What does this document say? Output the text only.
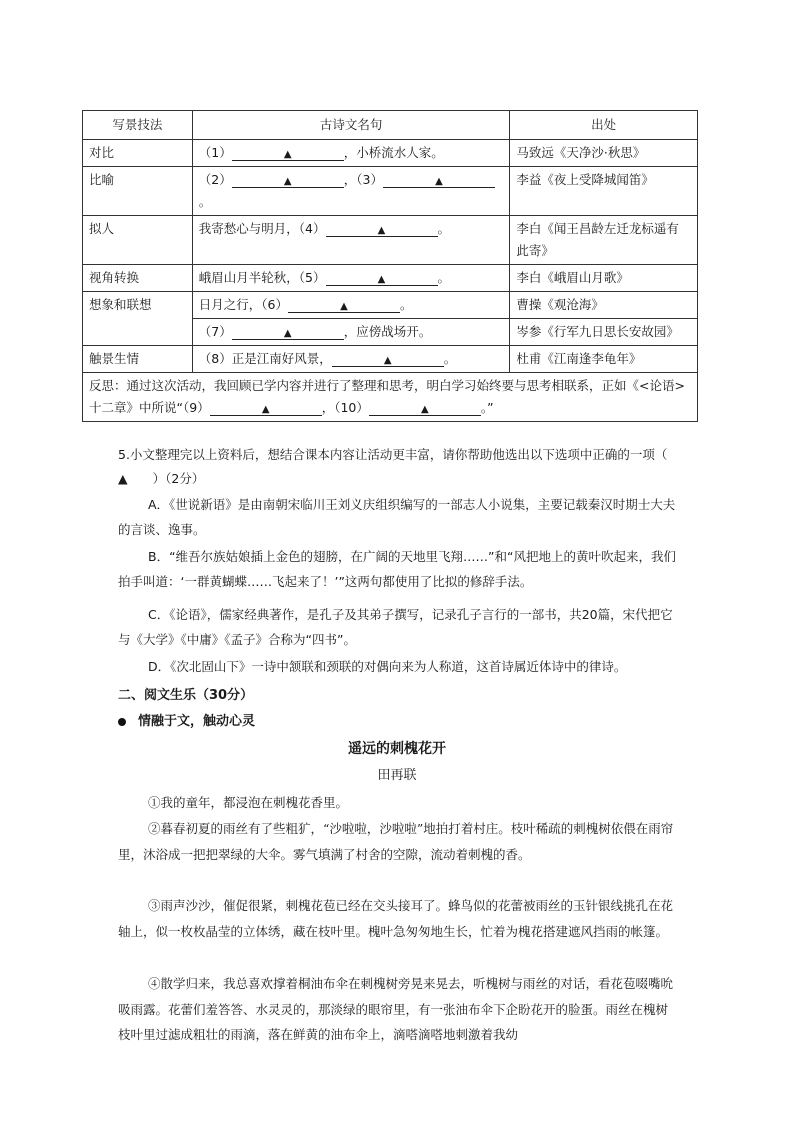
写景技法	古诗文名句	出处
对比	（1） ▲ ，小桥流水人家。	马致远《天净沙·秋思》
比喻	（2） ▲ ，（3） ▲。	李益《夜上受降城闻笛》
拟人	我寄愁心与明月，（4） ▲ 。	李白《闻王昌龄左迁龙标遥有此寄》
视角转换	峨眉山月半轮秋，（5） ▲ 。	李白《峨眉山月歌》
想象和联想	日月之行，（6） ▲ 。	曹操《观沧海》
	（7） ▲ ，应傍战场开。	岑参《行军九日思长安故园》
触景生情	（8）正是江南好风景， ▲ 。	杜甫《江南逢李龟年》
反思：通过这次活动，我回顾已学内容并进行了整理和思考，明白学习始终要与思考相联系，正如《<论语>十二章》中所说“（9） ▲ ，（10） ▲ 。”		
5.小文整理完以上资料后，想结合课本内容让活动更丰富，请你帮助他选出以下选项中正确的一项（　　▲　　）（2分）
A．《世说新语》是由南朝宋临川王刘义庆组织编写的一部志人小说集，主要记载秦汉时期士大夫的言谈、逸事。
B．“维吾尔族姑娘插上金色的翅膀，在广阔的天地里飞翔……”和“风把地上的黄叶吹起来，我们拍手叫道：‘一群黄蝴蝶……飞起来了！’”这两句都使用了比拟的修辞手法。
C．《论语》，儒家经典著作，是孔子及其弟子撰写，记录孔子言行的一部书，共20篇，宋代把它与《大学》《中庸》《孟子》合称为“四书”。
D．《次北固山下》一诗中颔联和颈联的对偶向来为人称道，这首诗属近体诗中的律诗。
二、阅文生乐（30分）
情融于文，触动心灵
遥远的刺槐花开
田再联

①我的童年，都浸泡在刺槐花香里。

②暮春初夏的雨丝有了些粗犷，“沙啦啦，沙啦啦”地拍打着村庄。枝叶稀疏的刺槐树依偎在雨帘里，沐浴成一把把翠绿的大伞。雾气填满了村舍的空隙，流动着刺槐的香。

③雨声沙沙，催促很紧，刺槐花苞已经在交头接耳了。蜂鸟似的花蕾被雨丝的玉针银线挑孔在花轴上，似一枚枚晶莹的立体绣，藏在枝叶里。槐叶急匆匆地生长，忙着为槐花搭建遮风挡雨的帐篷。

④散学归来，我总喜欢撑着桐油布伞在刺槐树旁晃来晃去，听槐树与雨丝的对话，看花苞啜嘴吮吸雨露。花蕾们羞答答、水灵灵的，那淡绿的眼帘里，有一张油布伞下企盼花开的脸蛋。雨丝在槐树枝叶里过滤成粗壮的雨滴，落在鲜黄的油布伞上，滴嗒滴嗒地刺激着我幼
